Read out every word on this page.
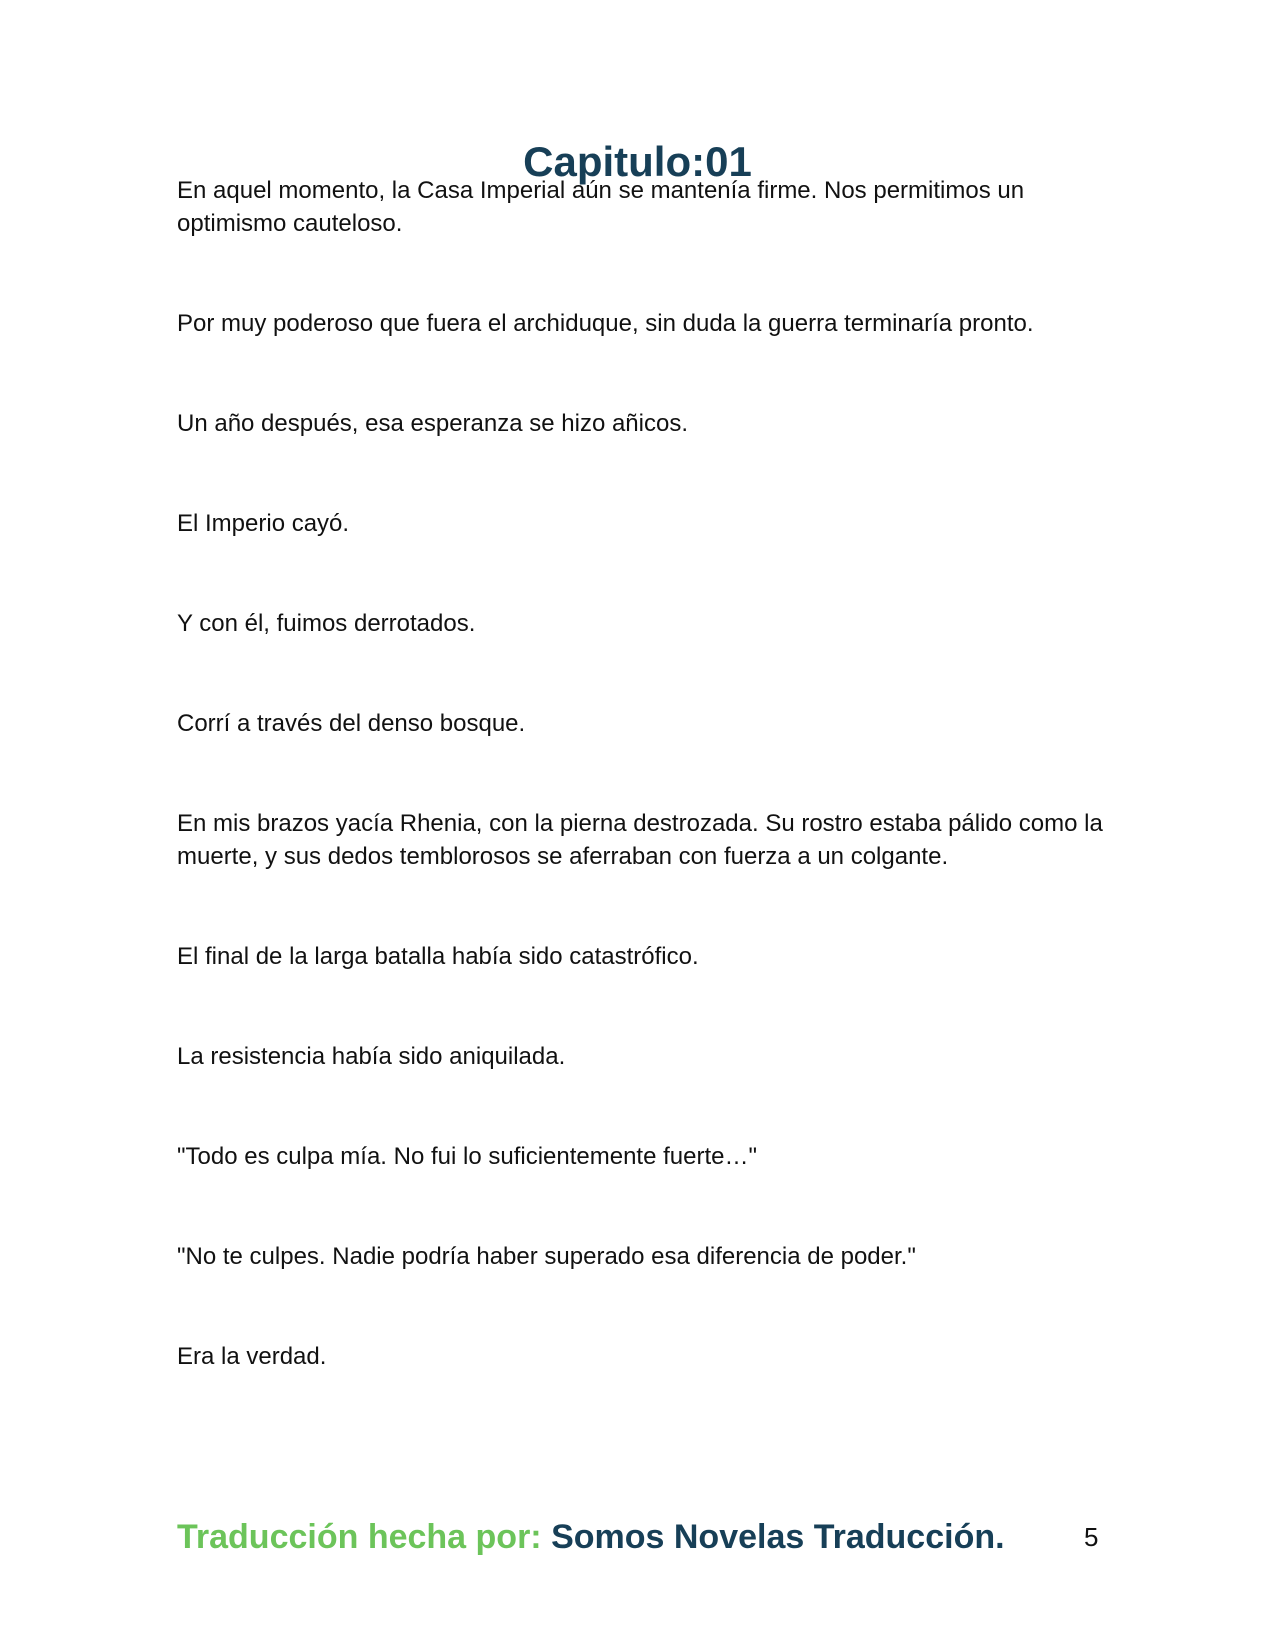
Capitulo:01

En aquel momento, la Casa Imperial aún se mantenía firme. Nos permitimos un optimismo cauteloso.

Por muy poderoso que fuera el archiduque, sin duda la guerra terminaría pronto.

Un año después, esa esperanza se hizo añicos.

El Imperio cayó.

Y con él, fuimos derrotados.

Corrí a través del denso bosque.

En mis brazos yacía Rhenia, con la pierna destrozada. Su rostro estaba pálido como la muerte, y sus dedos temblorosos se aferraban con fuerza a un colgante.

El final de la larga batalla había sido catastrófico.

La resistencia había sido aniquilada.

"Todo es culpa mía. No fui lo suficientemente fuerte…"

"No te culpes. Nadie podría haber superado esa diferencia de poder."

Era la verdad.

Traducción hecha por: Somos Novelas Traducción.	5
